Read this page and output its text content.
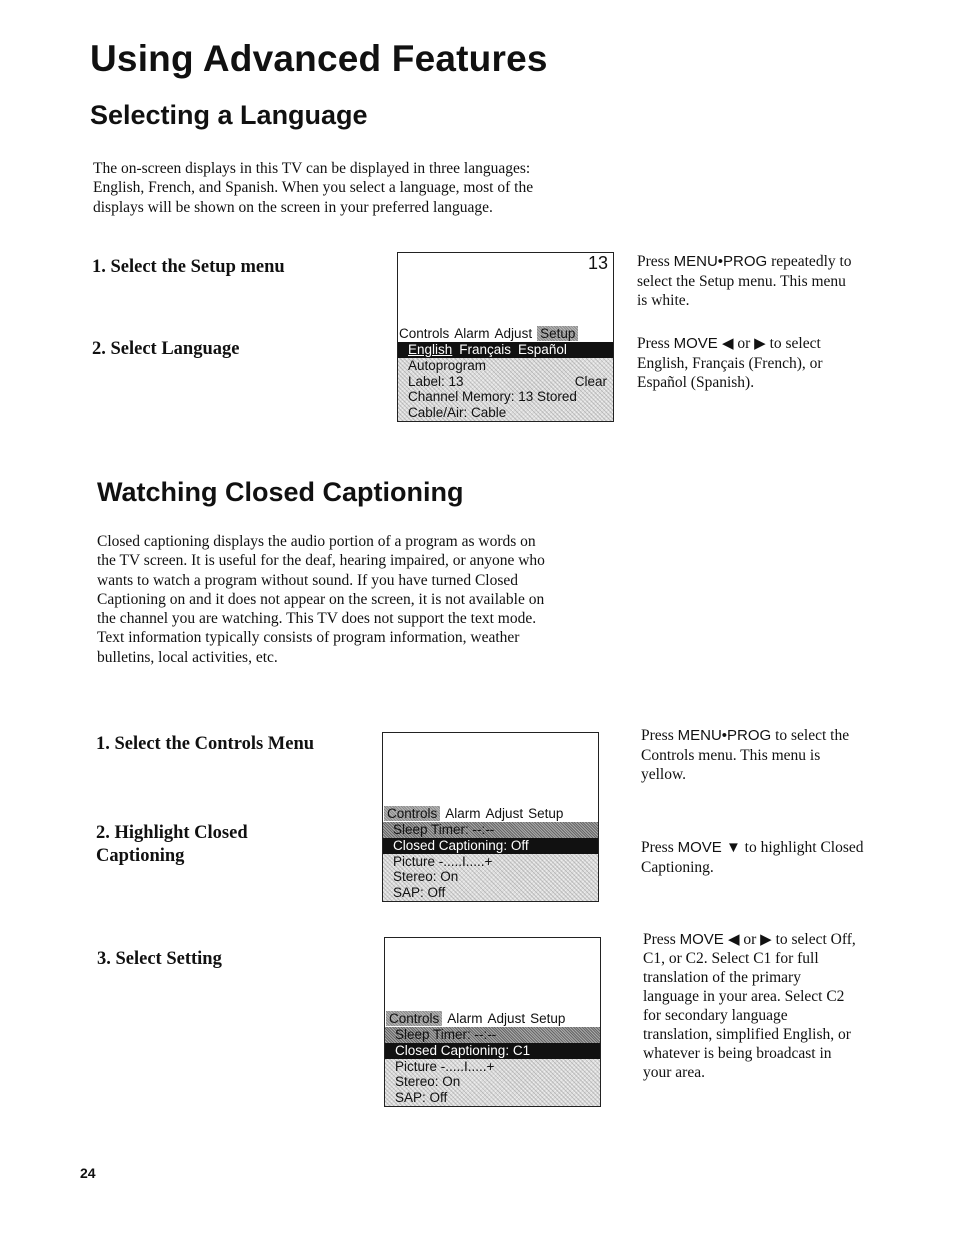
Using Advanced Features
Selecting a Language
The on-screen displays in this TV can be displayed in three languages:
English, French, and Spanish. When you select a language, most of the
displays will be shown on the screen in your preferred language.
1. Select the Setup menu
2. Select Language
13
Controls Alarm Adjust Setup
English Français Español
Autoprogram
Label: 13	Clear
Channel Memory: 13 Stored
Cable/Air: Cable
Press MENU•PROG repeatedly to
select the Setup menu. This menu
is white.
Press MOVE ◀ or ▶ to select
English, Français (French), or
Español (Spanish).
Watching Closed Captioning
Closed captioning displays the audio portion of a program as words on
the TV screen. It is useful for the deaf, hearing impaired, or anyone who
wants to watch a program without sound. If you have turned Closed
Captioning on and it does not appear on the screen, it is not available on
the channel you are watching. This TV does not support the text mode.
Text information typically consists of program information, weather
bulletins, local activities, etc.
1. Select the Controls Menu
2. Highlight Closed
Captioning
3. Select Setting
Controls Alarm Adjust Setup
Sleep Timer: --:--
Closed Captioning: Off
Picture -.....I.....+
Stereo: On
SAP: Off
Controls Alarm Adjust Setup
Sleep Timer: --:--
Closed Captioning: C1
Picture -.....I.....+
Stereo: On
SAP: Off
Press MENU•PROG to select the
Controls menu. This menu is
yellow.
Press MOVE ▼ to highlight Closed
Captioning.
Press MOVE ◀ or ▶ to select Off,
C1, or C2. Select C1 for full
translation of the primary
language in your area. Select C2
for secondary language
translation, simplified English, or
whatever is being broadcast in
your area.
24
